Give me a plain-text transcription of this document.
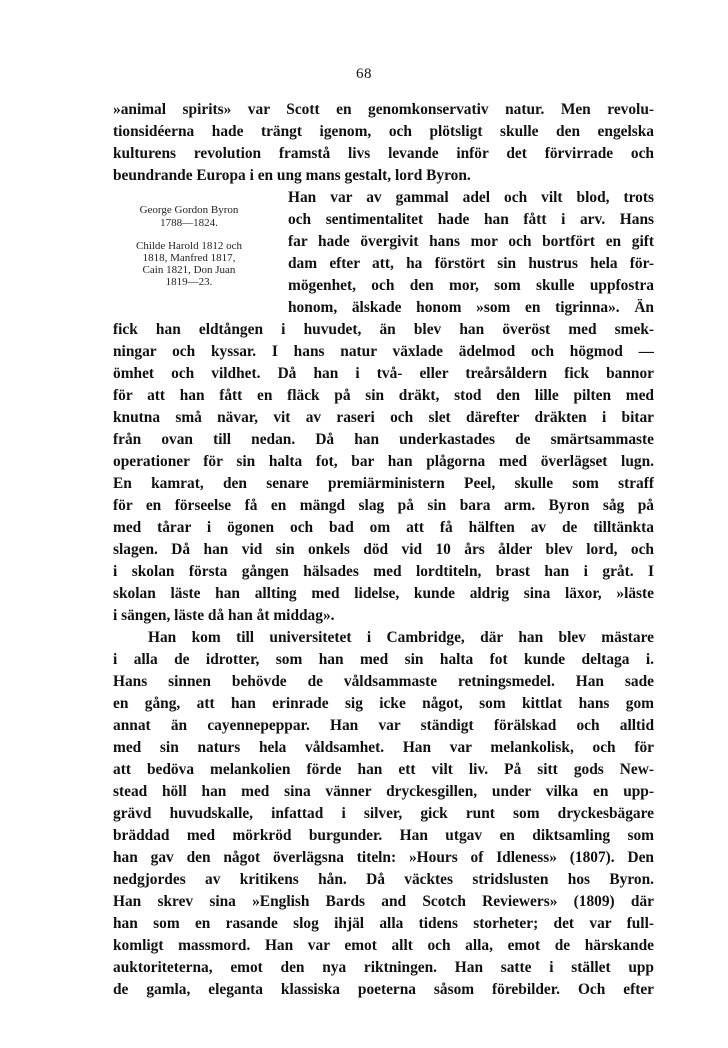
68
George Gordon Byron
1788—1824.
Childe Harold 1812 och
1818, Manfred 1817,
Cain 1821, Don Juan
1819—23.
»animal spirits» var Scott en genomkonservativ natur. Men revolu-
tionsidéerna hade trängt igenom, och plötsligt skulle den engelska
kulturens revolution framstå livs levande inför det förvirrade och
beundrande Europa i en ung mans gestalt, lord Byron.
Han var av gammal adel och vilt blod, trots
och sentimentalitet hade han fått i arv. Hans
far hade övergivit hans mor och bortfört en gift
dam efter att, ha förstört sin hustrus hela för-
mögenhet, och den mor, som skulle uppfostra
honom, älskade honom »som en tigrinna». Än
fick han eldtången i huvudet, än blev han överöst med smek-
ningar och kyssar. I hans natur växlade ädelmod och högmod —
ömhet och vildhet. Då han i två- eller treårsåldern fick bannor
för att han fått en fläck på sin dräkt, stod den lille pilten med
knutna små nävar, vit av raseri och slet därefter dräkten i bitar
från ovan till nedan. Då han underkastades de smärtsammaste
operationer för sin halta fot, bar han plågorna med överlägset lugn.
En kamrat, den senare premiärministern Peel, skulle som straff
för en förseelse få en mängd slag på sin bara arm. Byron såg på
med tårar i ögonen och bad om att få hälften av de tilltänkta
slagen. Då han vid sin onkels död vid 10 års ålder blev lord, och
i skolan första gången hälsades med lordtiteln, brast han i gråt. I
skolan läste han allting med lidelse, kunde aldrig sina läxor, »läste
i sängen, läste då han åt middag».
Han kom till universitetet i Cambridge, där han blev mästare
i alla de idrotter, som han med sin halta fot kunde deltaga i.
Hans sinnen behövde de våldsammaste retningsmedel. Han sade
en gång, att han erinrade sig icke något, som kittlat hans gom
annat än cayennepeppar. Han var ständigt förälskad och alltid
med sin naturs hela våldsamhet. Han var melankolisk, och för
att bedöva melankolien förde han ett vilt liv. På sitt gods New-
stead höll han med sina vänner dryckesgillen, under vilka en upp-
grävd huvudskalle, infattad i silver, gick runt som dryckesbägare
bräddad med mörkröd burgunder. Han utgav en diktsamling som
han gav den något överlägsna titeln: »Hours of Idleness» (1807). Den
nedgjordes av kritikens hån. Då väcktes stridslusten hos Byron.
Han skrev sina »English Bards and Scotch Reviewers» (1809) där
han som en rasande slog ihjäl alla tidens storheter; det var full-
komligt massmord. Han var emot allt och alla, emot de härskande
auktoriteterna, emot den nya riktningen. Han satte i stället upp
de gamla, eleganta klassiska poeterna såsom förebilder. Och efter
